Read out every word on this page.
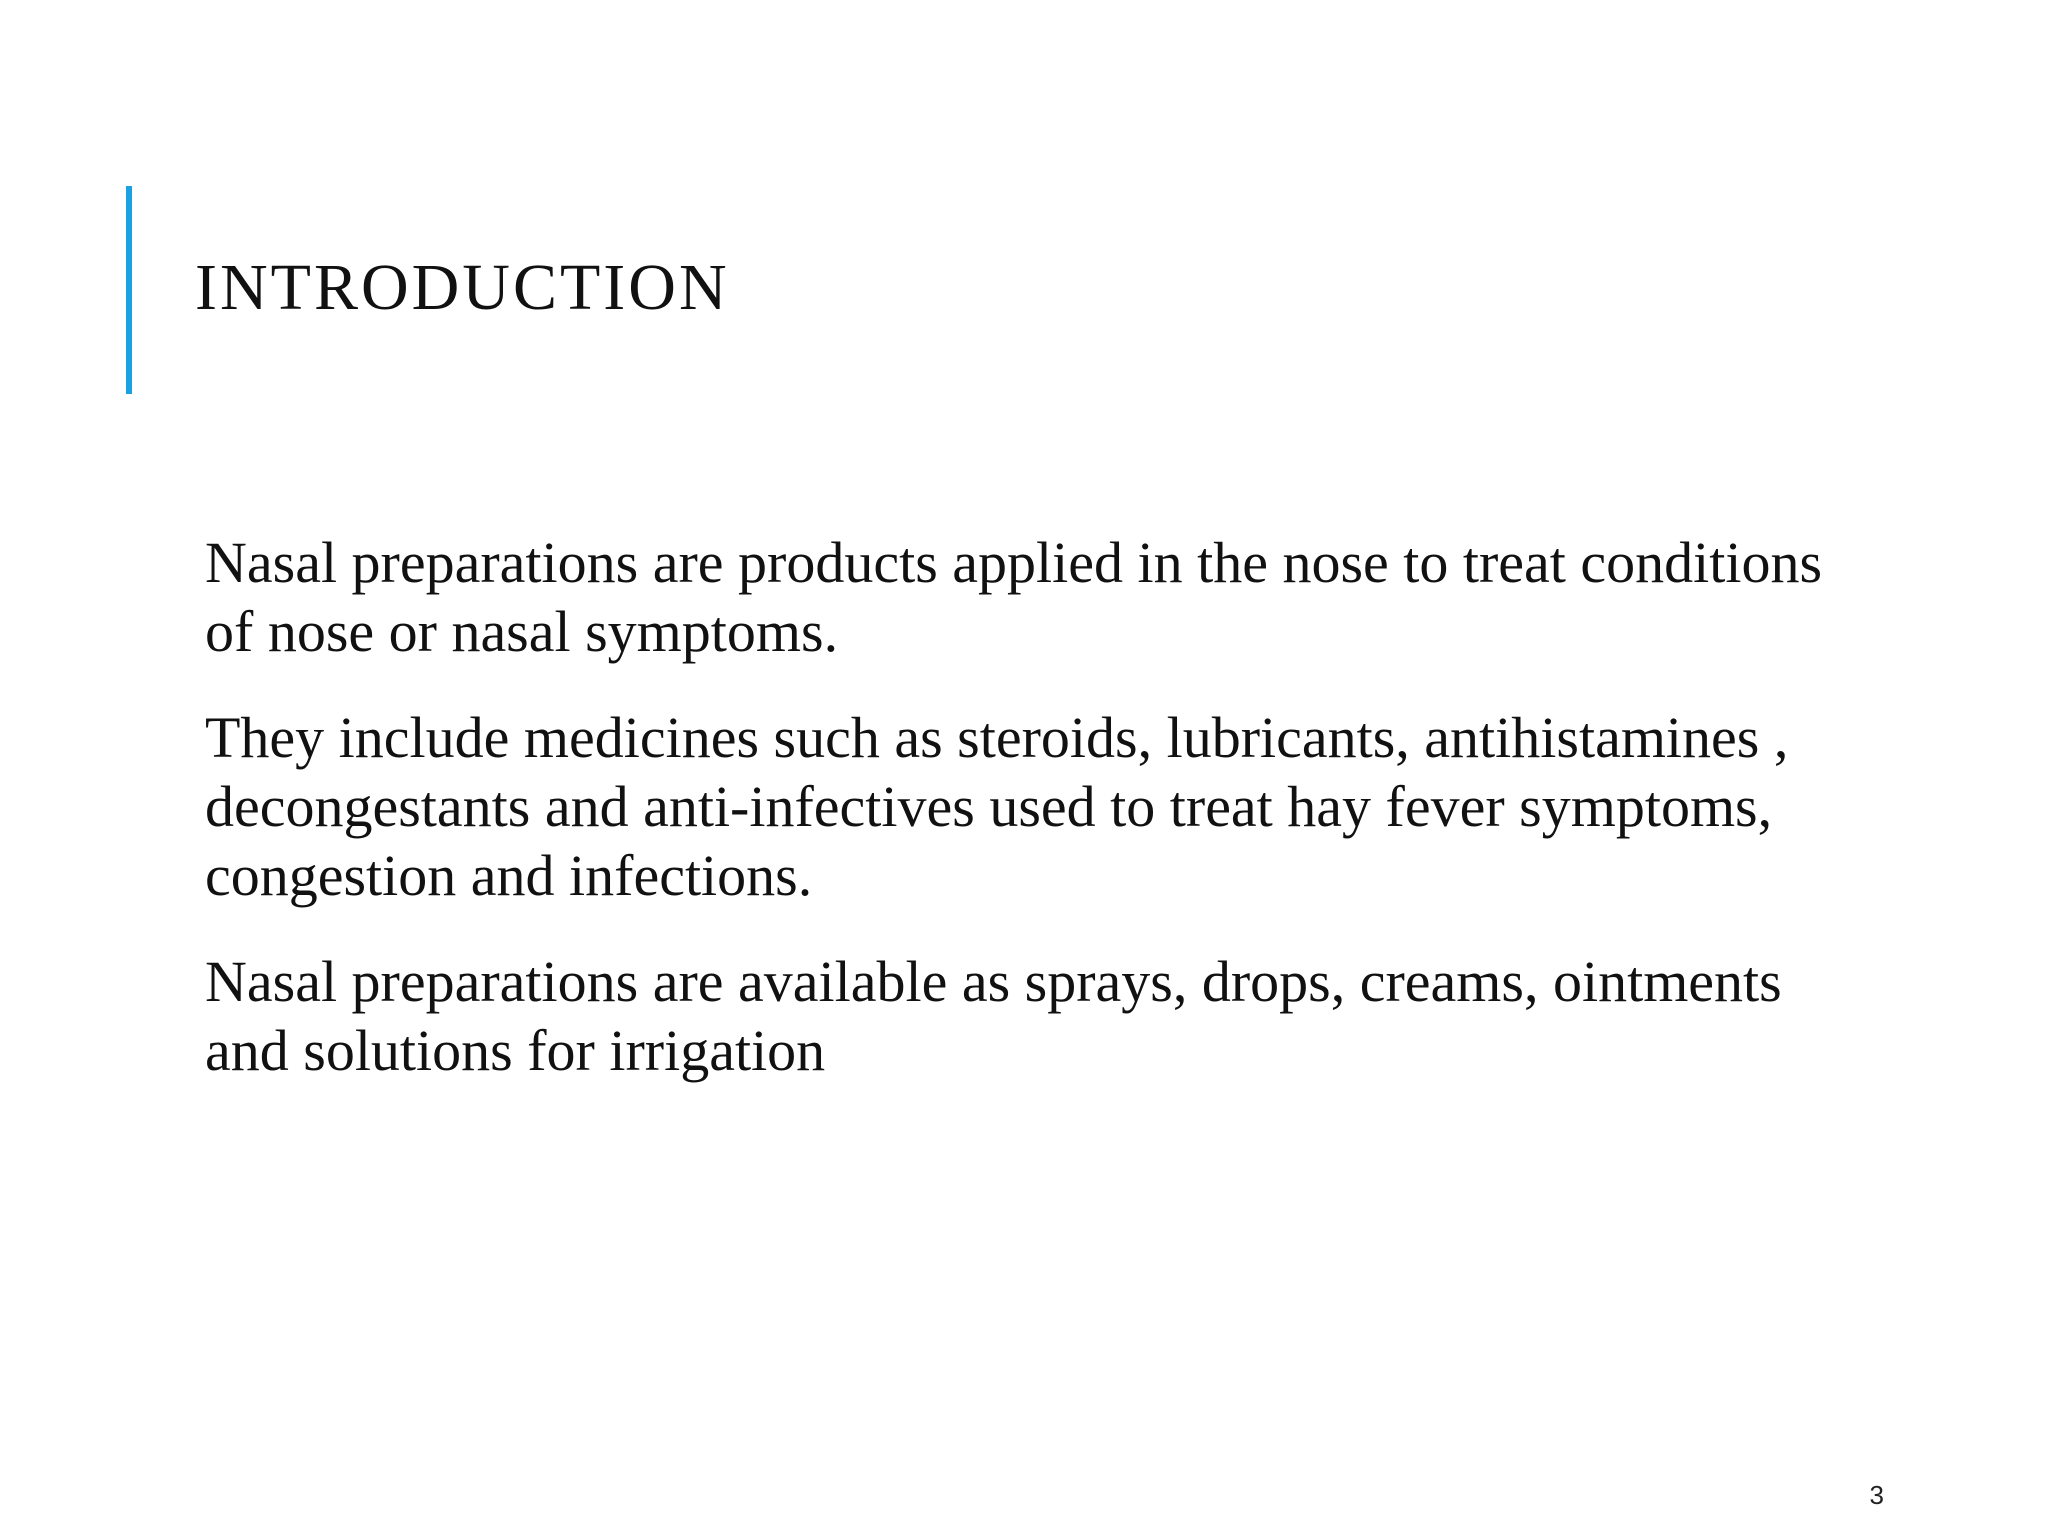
INTRODUCTION

Nasal preparations are products applied in the nose to treat conditions of nose or nasal symptoms.

They include medicines such as steroids, lubricants, antihistamines , decongestants and anti-infectives used to treat hay fever symptoms, congestion and infections.

Nasal preparations are available as sprays, drops, creams, ointments and solutions for irrigation

3
